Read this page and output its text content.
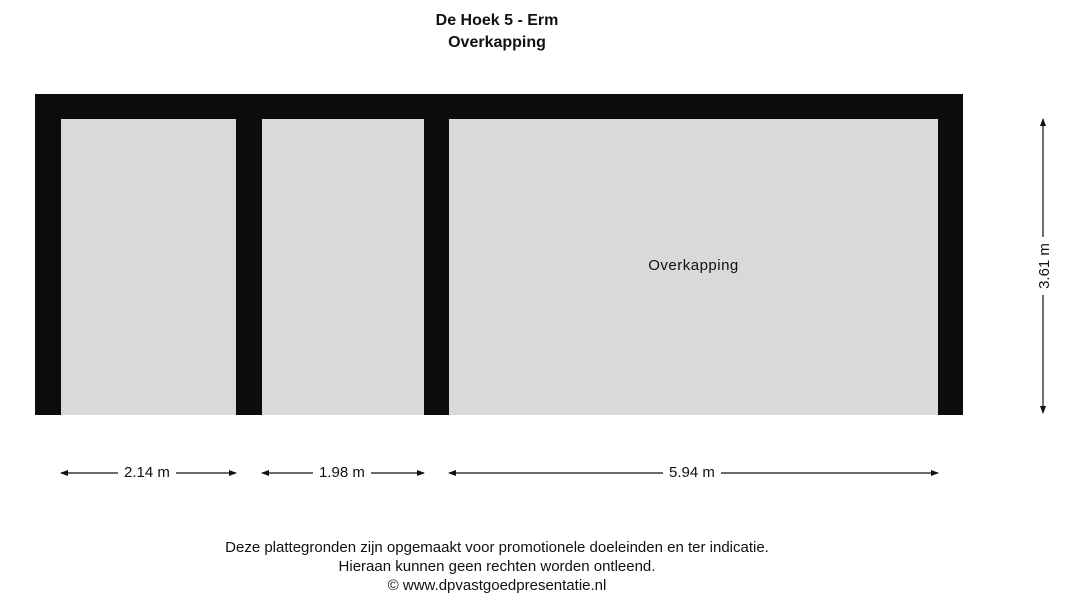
De Hoek 5 - Erm
Overkapping
Overkapping
2.14 m	1.98 m	5.94 m
3.61 m
Deze plattegronden zijn opgemaakt voor promotionele doeleinden en ter indicatie.
Hieraan kunnen geen rechten worden ontleend.
© www.dpvastgoedpresentatie.nl
